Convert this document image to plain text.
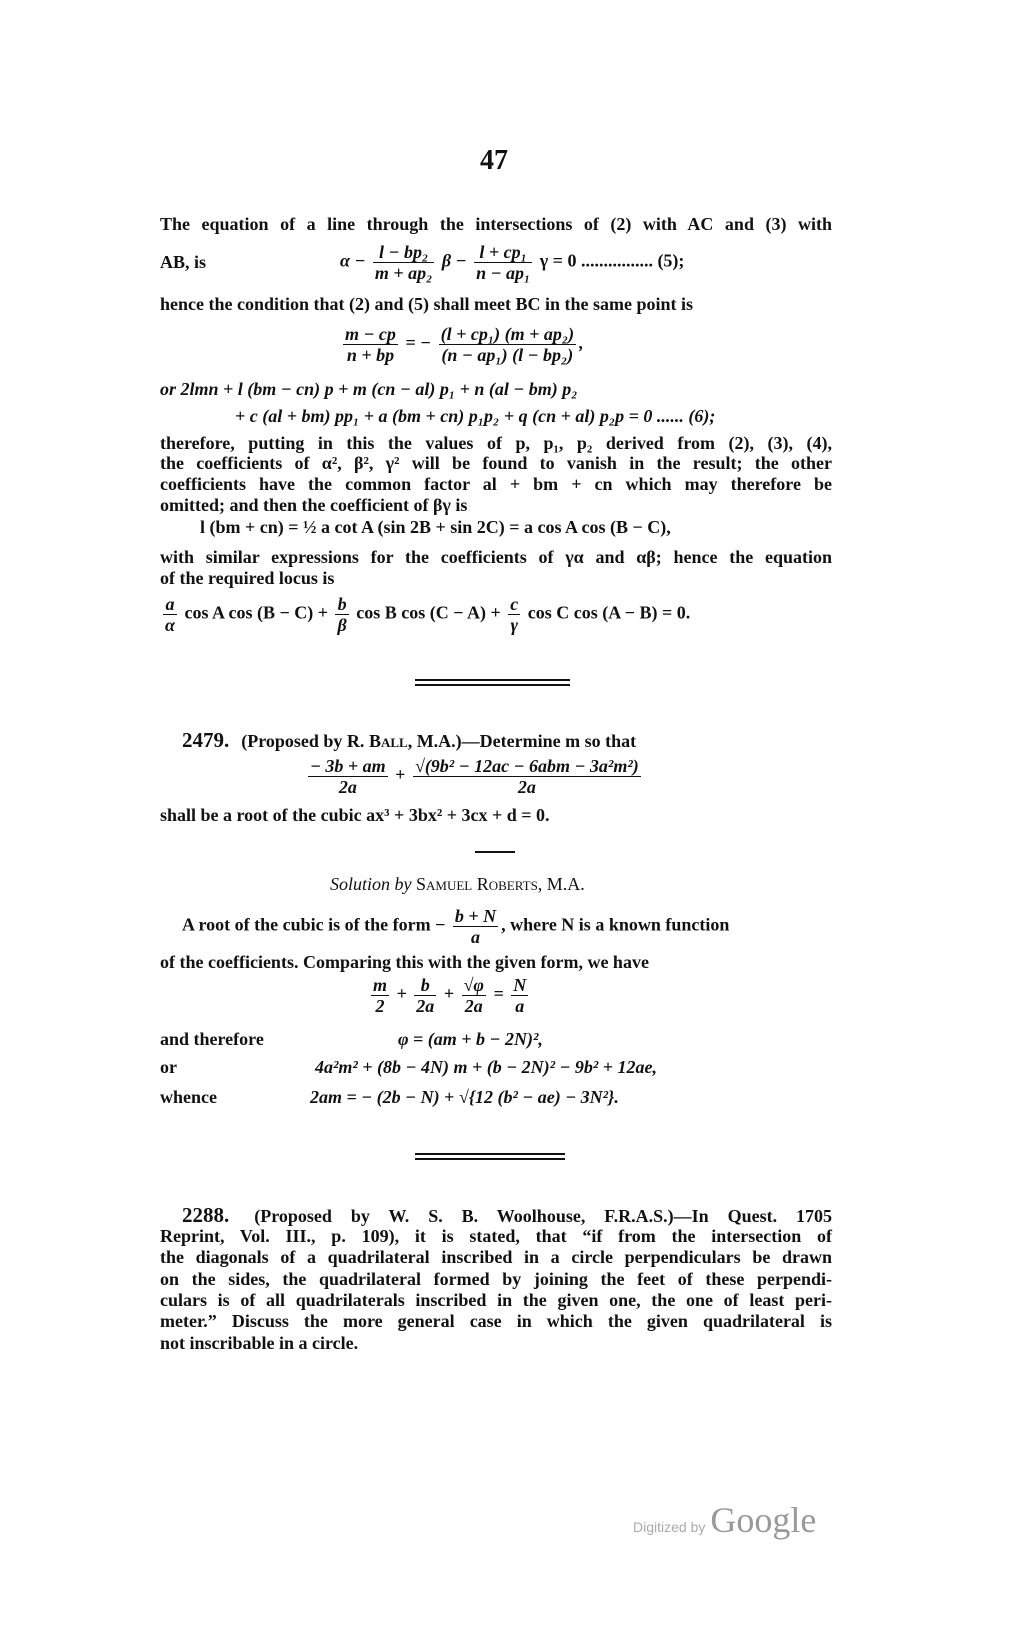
47
The equation of a line through the intersections of (2) with AC and (3) with
AB, is	$\alpha - \frac{\text{l − bp₂}}{\text{m + ap₂}}$ $\beta - \frac{\text{l + cp₁}}{\text{n − ap₁}}$ γ = 0 ................ (5);
hence the condition that (2) and (5) shall meet BC in the same point is
$\frac{m - cp}{n + bp}$ = − $\frac{\text{(l + cp₁) (m + ap₂)}}{\text{(n − ap₁) (l − bp₂)}}$ ,
or 2lmn + l (bm − cn) p + m (cn − al) p₁ + n (al − bm) p₂
+ c (al + bm) pp₁ + a (bm + cn) p₁p₂ + q (cn + al) p₂p = 0 ...... (6);
therefore, putting in this the values of p, p₁, p₂ derived from (2), (3), (4),
the coefficients of α², β², γ² will be found to vanish in the result; the other
coefficients have the common factor al + bm + cn which may therefore be
omitted; and then the coefficient of βγ is
l (bm + cn) = ½ a cot A (sin 2B + sin 2C) = a cos A cos (B − C),
with similar expressions for the coefficients of γα and αβ; hence the equation
of the required locus is
$\frac{a}{\alpha}$ cos A $\cos (B - C) + \frac{b}{\beta}$ cos B $\cos (C - A) + \frac{c}{\gamma}$ cos C cos (A − B) = 0.
2479. (Proposed by R. Ball, M.A.)—Determine m so that
$\frac{- 3b + am}{2a} + \frac{\text{√(9b² − 12ac − 6abm − 3a²m²)}}{2a}$
shall be a root of the cubic ax³ + 3bx² + 3cx + d = 0.
Solution by Samuel Roberts, M.A.
A root of the cubic is of the form − $\frac{b + N}{a}$ , where N is a known function
of the coefficients. Comparing this with the given form, we have
$\frac{m}{2} + \frac{b}{2a} + \frac{√\varphi}{2a} = \frac{N}{a}$
and therefore	φ = (am + b − 2N)²,
or	4a²m² + (8b − 4N) m + (b − 2N)² − 9b² + 12ae,
whence	2am = − (2b − N) + √{12 (b² − ae) − 3N²}.
2288. (Proposed by W. S. B. Woolhouse, F.R.A.S.)—In Quest. 1705
Reprint, Vol. III., p. 109), it is stated, that “if from the intersection of
the diagonals of a quadrilateral inscribed in a circle perpendiculars be drawn
on the sides, the quadrilateral formed by joining the feet of these perpendi-
culars is of all quadrilaterals inscribed in the given one, the one of least peri-
meter.” Discuss the more general case in which the given quadrilateral is
not inscribable in a circle.
Digitized by Google
